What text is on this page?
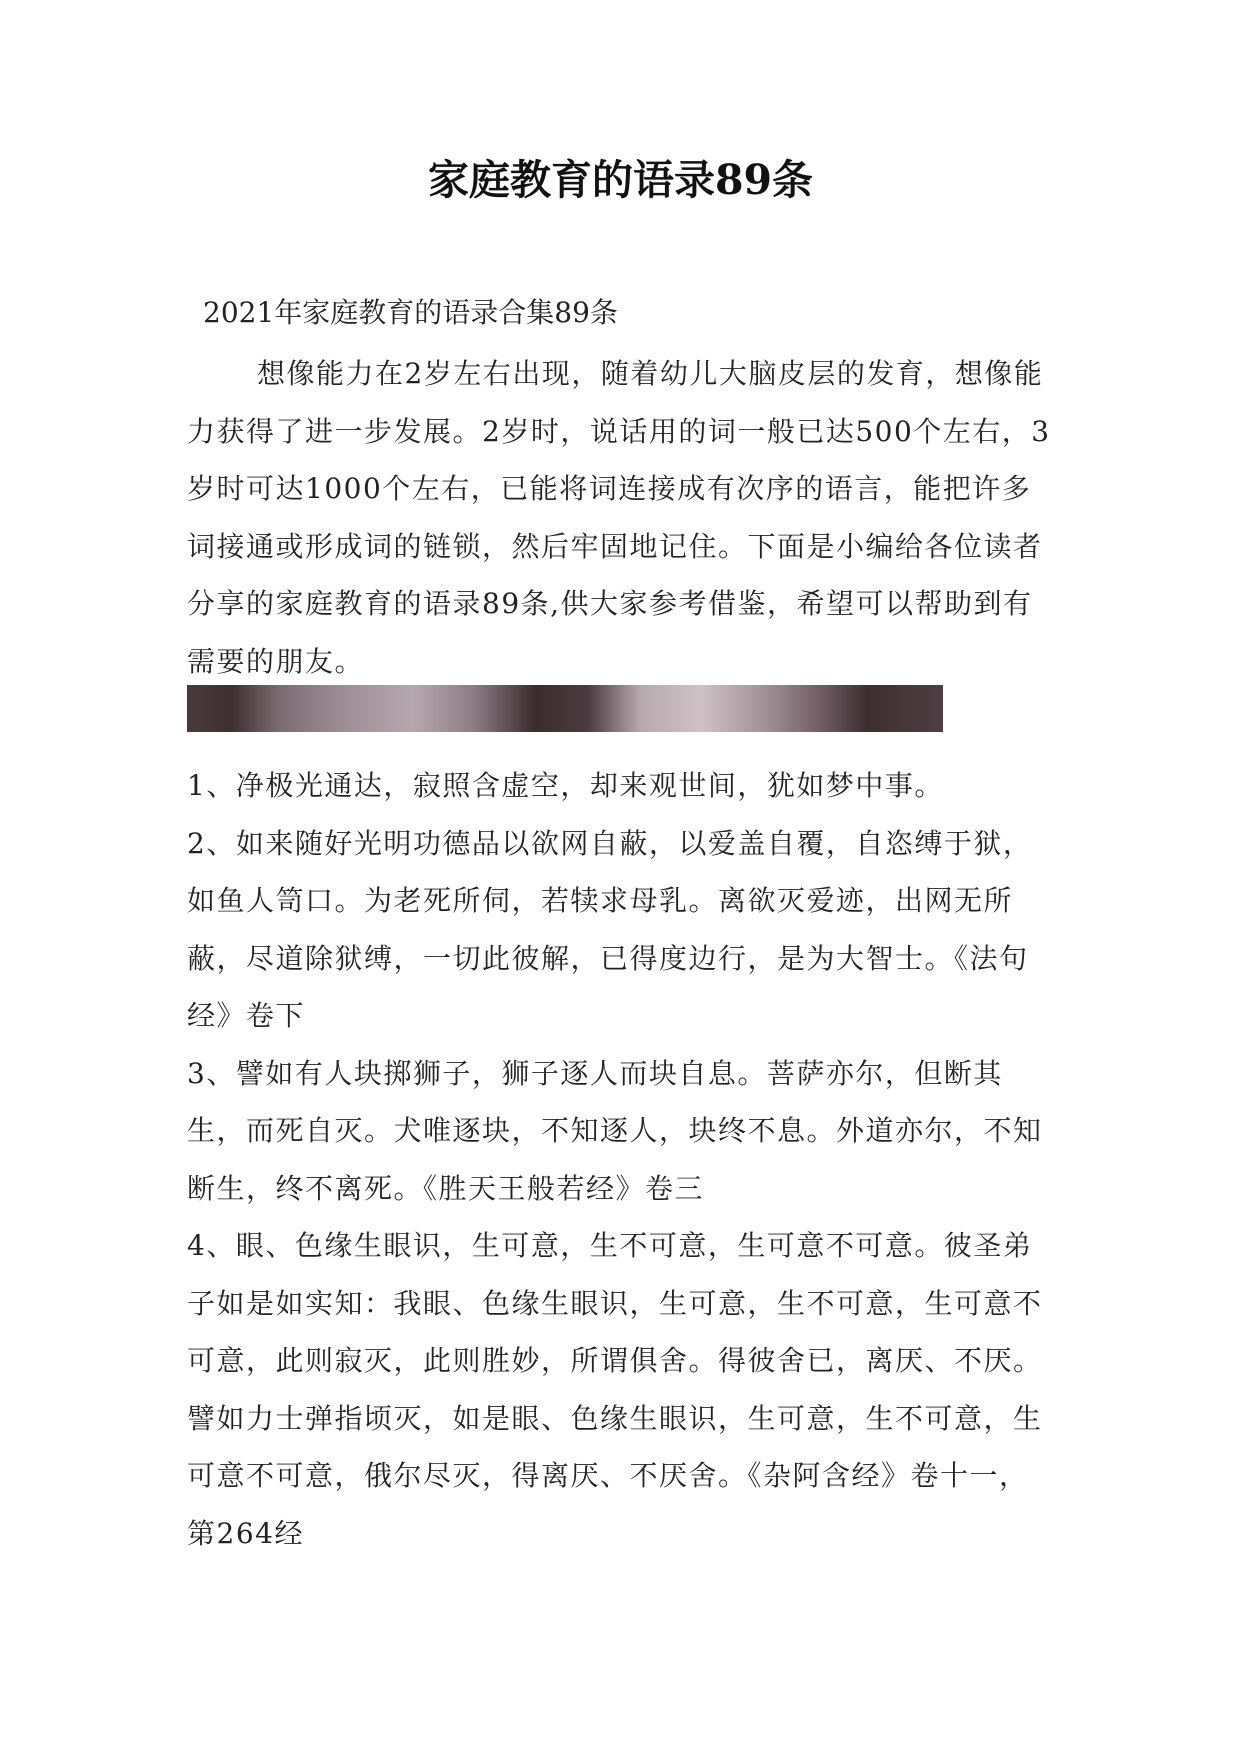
家庭教育的语录89条

2021年家庭教育的语录合集89条

想像能力在2岁左右出现，随着幼儿大脑皮层的发育，想像能力获得了进一步发展。2岁时，说话用的词一般已达500个左右，3岁时可达1000个左右，已能将词连接成有次序的语言，能把许多词接通或形成词的链锁，然后牢固地记住。下面是小编给各位读者分享的家庭教育的语录89条,供大家参考借鉴，希望可以帮助到有需要的朋友。

1、净极光通达，寂照含虚空，却来观世间，犹如梦中事。
2、如来随好光明功德品以欲网自蔽，以爱盖自覆，自恣缚于狱，如鱼人笥口。为老死所伺，若犊求母乳。离欲灭爱迹，出网无所蔽，尽道除狱缚，一切此彼解，已得度边行，是为大智士。《法句经》卷下
3、譬如有人块掷狮子，狮子逐人而块自息。菩萨亦尔，但断其生，而死自灭。犬唯逐块，不知逐人，块终不息。外道亦尔，不知断生，终不离死。《胜天王般若经》卷三
4、眼、色缘生眼识，生可意，生不可意，生可意不可意。彼圣弟子如是如实知：我眼、色缘生眼识，生可意，生不可意，生可意不可意，此则寂灭，此则胜妙，所谓俱舍。得彼舍已，离厌、不厌。譬如力士弹指顷灭，如是眼、色缘生眼识，生可意，生不可意，生可意不可意，俄尔尽灭，得离厌、不厌舍。《杂阿含经》卷十一，第264经
